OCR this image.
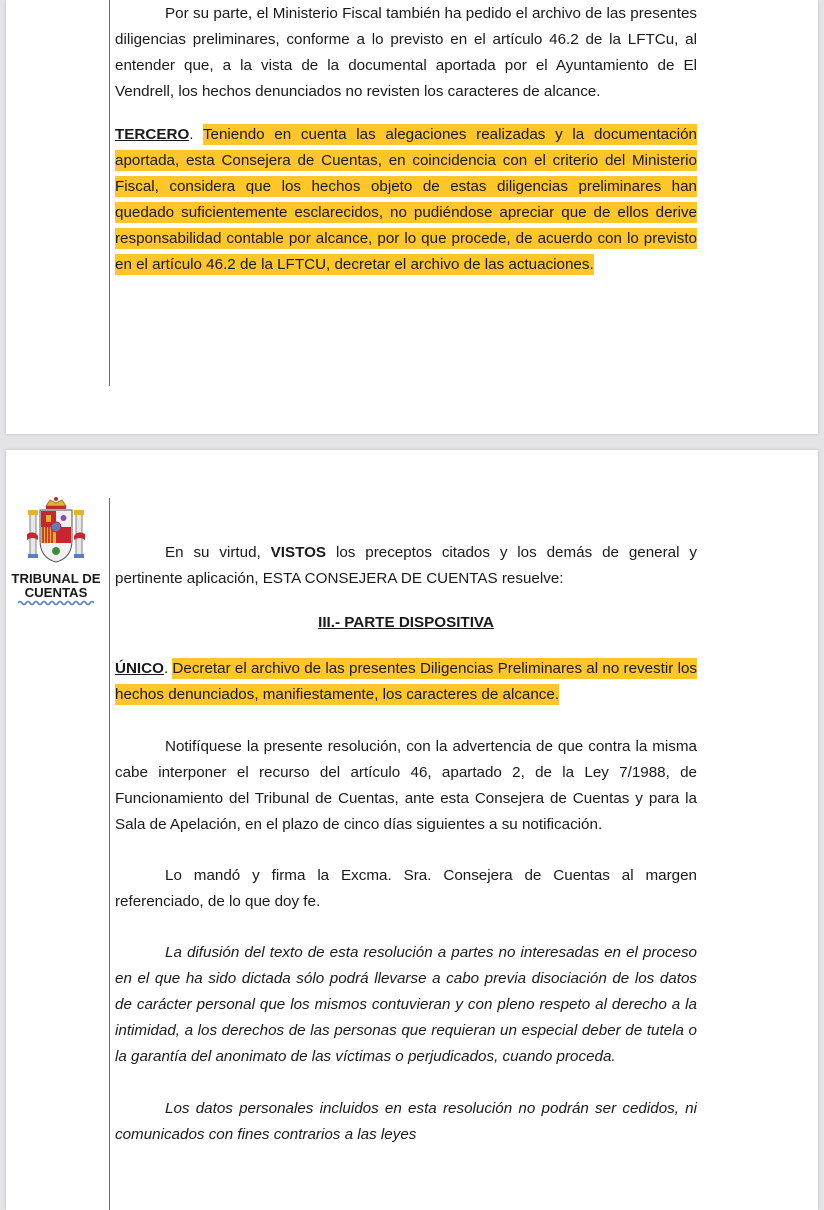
Por su parte, el Ministerio Fiscal también ha pedido el archivo de las presentes diligencias preliminares, conforme a lo previsto en el artículo 46.2 de la LFTCu, al entender que, a la vista de la documental aportada por el Ayuntamiento de El Vendrell, los hechos denunciados no revisten los caracteres de alcance.

TERCERO. Teniendo en cuenta las alegaciones realizadas y la documentación aportada, esta Consejera de Cuentas, en coincidencia con el criterio del Ministerio Fiscal, considera que los hechos objeto de estas diligencias preliminares han quedado suficientemente esclarecidos, no pudiéndose apreciar que de ellos derive responsabilidad contable por alcance, por lo que procede, de acuerdo con lo previsto en el artículo 46.2 de la LFTCU, decretar el archivo de las actuaciones.

TRIBUNAL DE
CUENTAS

En su virtud, VISTOS los preceptos citados y los demás de general y pertinente aplicación, ESTA CONSEJERA DE CUENTAS resuelve:

III.- PARTE DISPOSITIVA

ÚNICO. Decretar el archivo de las presentes Diligencias Preliminares al no revestir los hechos denunciados, manifiestamente, los caracteres de alcance.

Notifíquese la presente resolución, con la advertencia de que contra la misma cabe interponer el recurso del artículo 46, apartado 2, de la Ley 7/1988, de Funcionamiento del Tribunal de Cuentas, ante esta Consejera de Cuentas y para la Sala de Apelación, en el plazo de cinco días siguientes a su notificación.

Lo mandó y firma la Excma. Sra. Consejera de Cuentas al margen referenciado, de lo que doy fe.

La difusión del texto de esta resolución a partes no interesadas en el proceso en el que ha sido dictada sólo podrá llevarse a cabo previa disociación de los datos de carácter personal que los mismos contuvieran y con pleno respeto al derecho a la intimidad, a los derechos de las personas que requieran un especial deber de tutela o la garantía del anonimato de las víctimas o perjudicados, cuando proceda.

Los datos personales incluidos en esta resolución no podrán ser cedidos, ni comunicados con fines contrarios a las leyes
